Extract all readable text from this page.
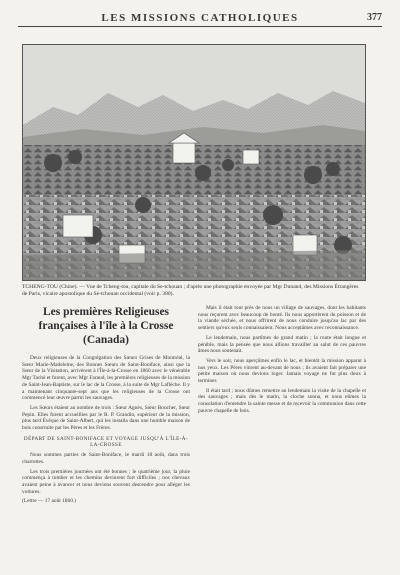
LES MISSIONS CATHOLIQUES	377
TCHENG-TOU (Chine). — Vue de Tcheng-tou, capitale du Se-tchouan ; d'après une photographie envoyée par Mgr Dunand, des Missions Étrangères de Paris, vicaire apostolique du Se-tchouan occidental (voir p. 380).
Les premières Religieuses françaises à l'île à la Crosse (Canada)

Deux religieuses de la Congrégation des Sœurs Grises de Montréal, la Sœur Marie-Madeleine, des Bonnes Sœurs de Saint-Boniface, ainsi que la Sœur de la Visitation, arrivèrent à l'Île-à-la-Crosse en 1860 avec le vénérable Mgr Taché et furent, avec Mgr Faraud, les premières religieuses de la mission de Saint-Jean-Baptiste, sur le lac de la Crosse, à la suite de Mgr Laflèche. Il y a maintenant cinquante-sept ans que les religieuses de la Crosse ont commencé leur œuvre parmi les sauvages.

Les Sœurs étaient au nombre de trois : Sœur Agnès, Sœur Boucher, Sœur Pepin. Elles furent accueillies par le R. P. Grandin, supérieur de la mission, plus tard Évêque de Saint-Albert, qui les installa dans une humble maison de bois construite par les Pères et les Frères.

DÉPART DE SAINT-BONIFACE ET VOYAGE JUSQU'À L'ÎLE-À-LA-CROSSE

Nous sommes parties de Saint-Boniface, le mardi 18 août, dans trois charrettes.

Les trois premières journées ont été bonnes ; le quatrième jour, la pluie commença à tomber et les chemins devinrent fort difficiles ; nos chevaux avaient peine à avancer et nous devions souvent descendre pour alléger les voitures.

(Lettre — 17 août 1860.)

Mais il était tout près de nous un village de sauvages, dont les habitants nous reçurent avec beaucoup de bonté. Ils nous apportèrent du poisson et de la viande séchée, et nous offrirent de nous conduire jusqu'au lac par des sentiers qu'eux seuls connaissaient. Nous acceptâmes avec reconnaissance.

Le lendemain, nous partîmes de grand matin ; la route était longue et pénible, mais la pensée que nous allions travailler au salut de ces pauvres âmes nous soutenait.

Vers le soir, nous aperçûmes enfin le lac, et bientôt la mission apparut à nos yeux. Les Pères vinrent au-devant de nous ; ils avaient fait préparer une petite maison où nous devions loger. Jamais voyage ne fut plus doux à terminer.

Il était tard ; nous dûmes remettre au lendemain la visite de la chapelle et des sauvages ; mais dès le matin, la cloche sonna, et nous eûmes la consolation d'entendre la sainte messe et de recevoir la communion dans cette pauvre chapelle de bois.
